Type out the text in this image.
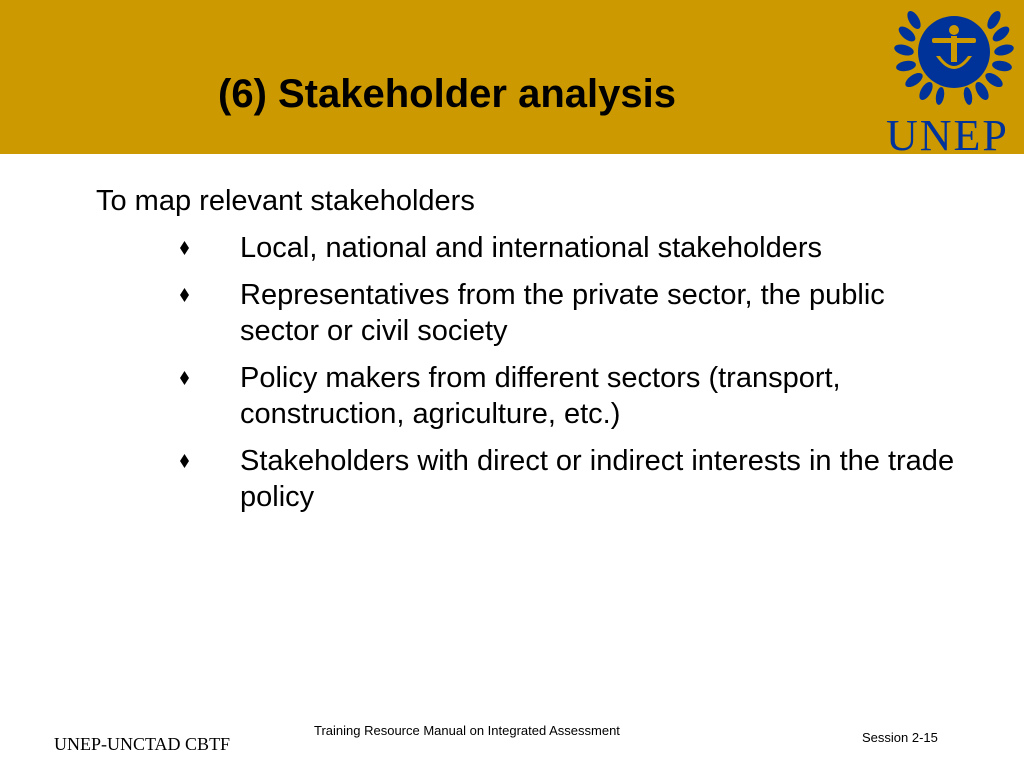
(6) Stakeholder analysis
UNEP
To map relevant stakeholders
Local, national and international stakeholders
Representatives from the private sector, the public sector or civil society
Policy makers from different sectors (transport, construction, agriculture, etc.)
Stakeholders with direct or indirect interests in the trade policy
UNEP-UNCTAD CBTF
Training Resource Manual on Integrated Assessment	Session 2-15
